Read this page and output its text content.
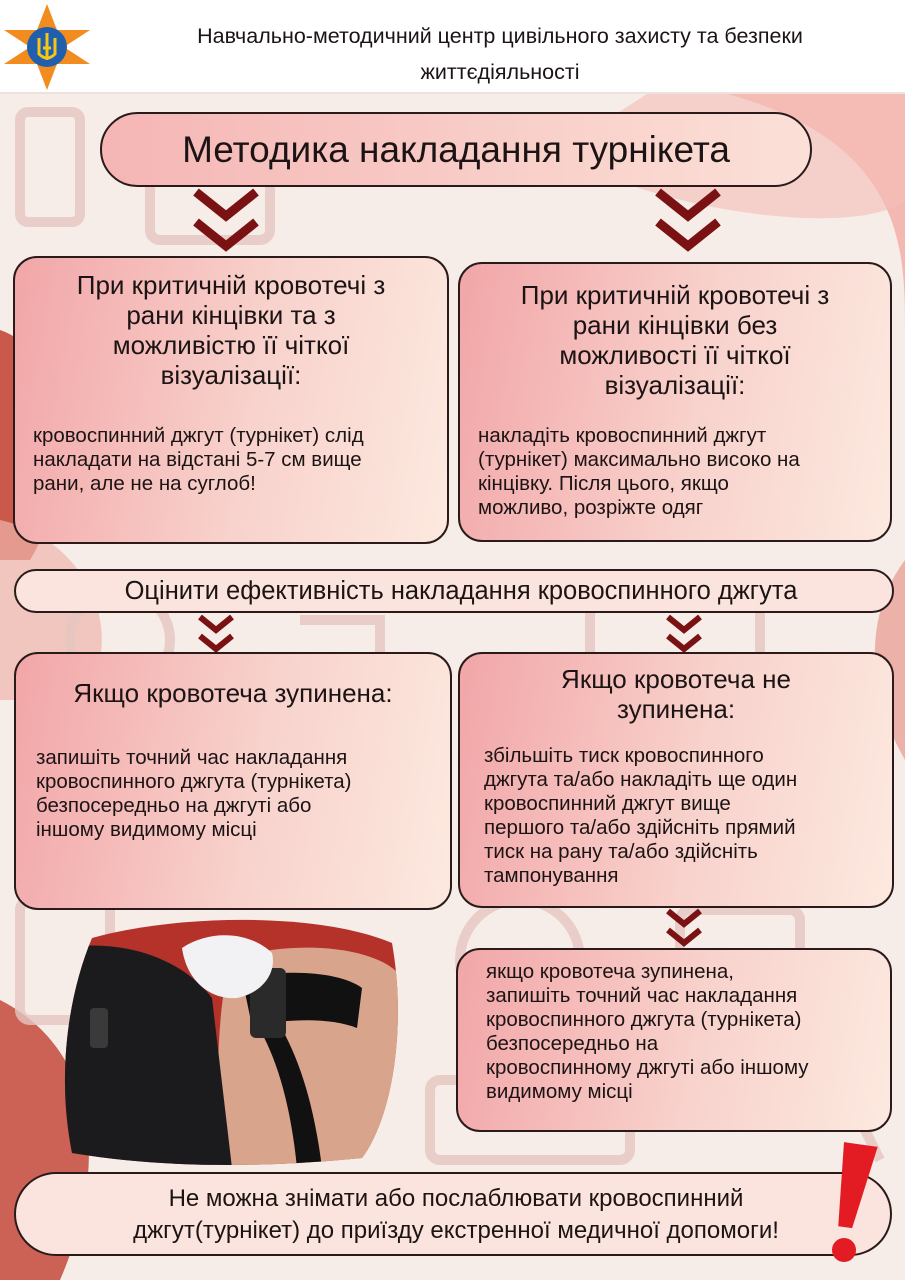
Навчально-методичний центр цивільного захисту та безпеки
життєдіяльності
Методика накладання турнікета
При критичній кровотечі з
рани кінцівки та з
можливістю її чіткої
візуалізації:
кровоспинний джгут (турнікет) слід
накладати на відстані 5-7 см вище
рани, але не на суглоб!
При критичній кровотечі з
рани кінцівки без
можливості її чіткої
візуалізації:
накладіть кровоспинний джгут
(турнікет) максимально високо на
кінцівку. Після цього, якщо
можливо, розріжте одяг
Оцінити ефективність накладання кровоспинного джгута
Якщо кровотеча зупинена:
запишіть точний час накладання
кровоспинного джгута (турнікета)
безпосередньо на джгуті або
іншому видимому місці
Якщо кровотеча не
зупинена:
збільшіть тиск кровоспинного
джгута та/або накладіть ще один
кровоспинний джгут вище
першого та/або здійсніть прямий
тиск на рану та/або здійсніть
тампонування
якщо кровотеча зупинена,
запишіть точний час накладання
кровоспинного джгута (турнікета)
безпосередньо на
кровоспинному джгуті або іншому
видимому місці
Не можна знімати або послаблювати кровоспинний
джгут(турнікет) до приїзду екстренної медичної допомоги!
